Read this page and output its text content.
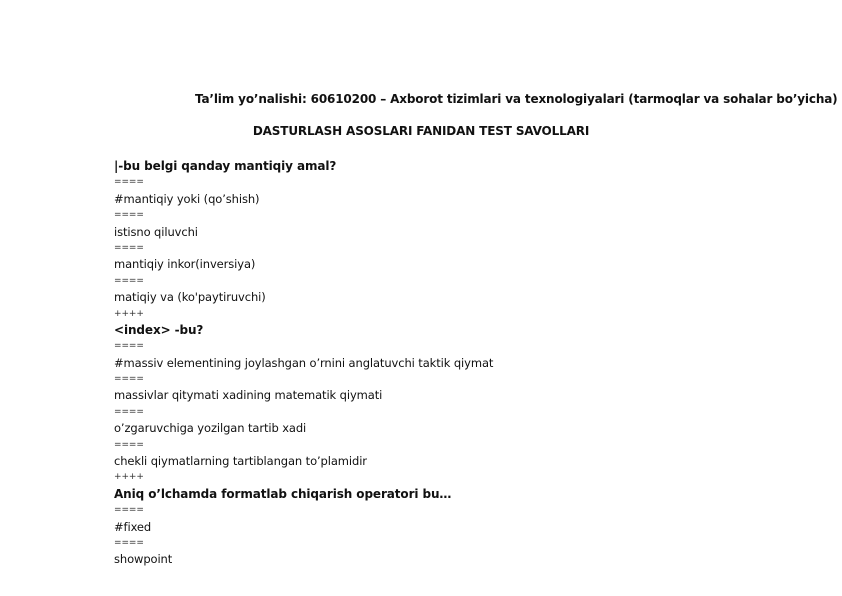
Ta’lim yo’nalishi: 60610200 – Axborot tizimlari va texnologiyalari (tarmoqlar va sohalar bo’yicha)
DASTURLASH ASOSLARI FANIDAN TEST SAVOLLARI
|-bu belgi qanday mantiqiy amal?
====
#mantiqiy yoki (qo’shish)
====
istisno qiluvchi
====
mantiqiy inkor(inversiya)
====
matiqiy va (ko'paytiruvchi)
++++
<index> -bu?
====
#massiv elementining joylashgan o’rnini anglatuvchi taktik qiymat
====
massivlar qitymati xadining matematik qiymati
====
o’zgaruvchiga yozilgan tartib xadi
====
chekli qiymatlarning tartiblangan to’plamidir
++++
Aniq o’lchamda formatlab chiqarish operatori bu…
====
#fixed
====
showpoint
